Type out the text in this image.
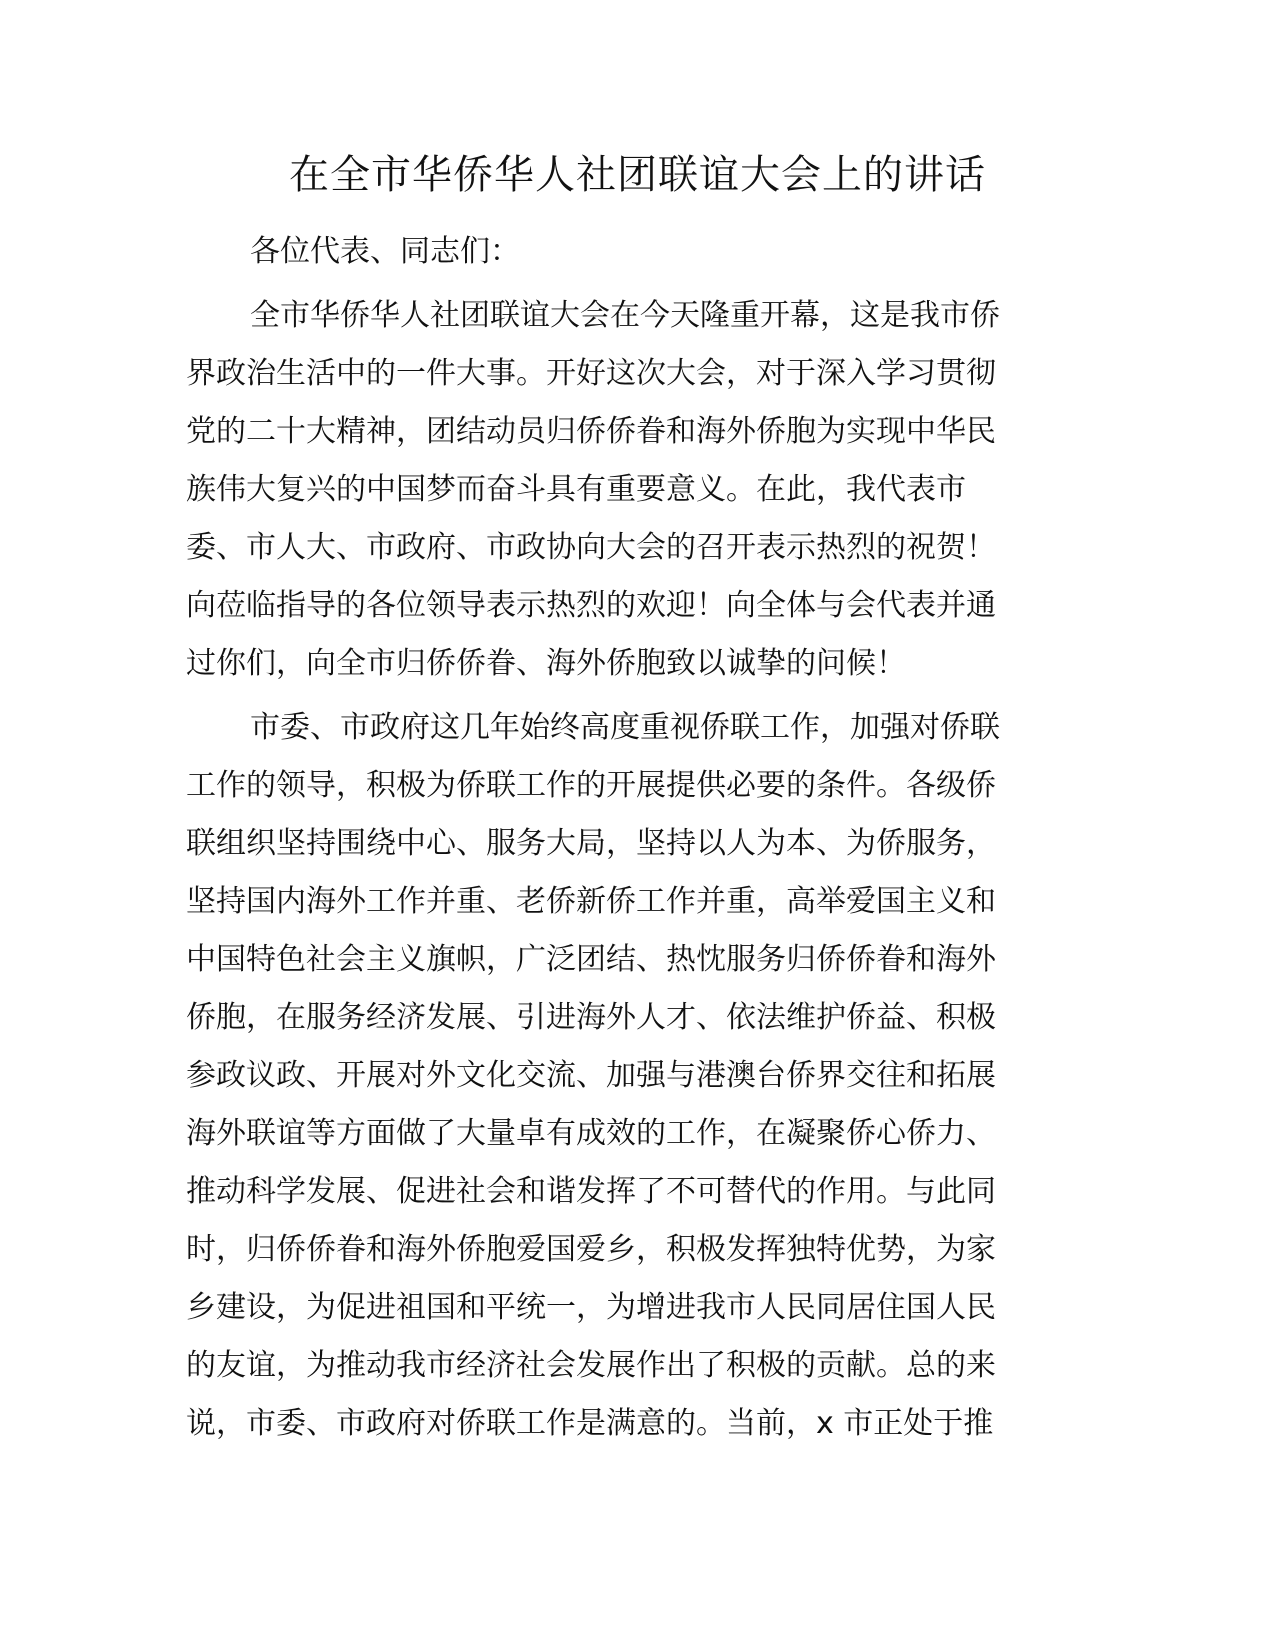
在全市华侨华人社团联谊大会上的讲话
各位代表、同志们：
全市华侨华人社团联谊大会在今天隆重开幕，这是我市侨
界政治生活中的一件大事。开好这次大会，对于深入学习贯彻
党的二十大精神，团结动员归侨侨眷和海外侨胞为实现中华民
族伟大复兴的中国梦而奋斗具有重要意义。在此，我代表市
委、市人大、市政府、市政协向大会的召开表示热烈的祝贺！
向莅临指导的各位领导表示热烈的欢迎！向全体与会代表并通
过你们，向全市归侨侨眷、海外侨胞致以诚挚的问候！
市委、市政府这几年始终高度重视侨联工作，加强对侨联
工作的领导，积极为侨联工作的开展提供必要的条件。各级侨
联组织坚持围绕中心、服务大局，坚持以人为本、为侨服务，
坚持国内海外工作并重、老侨新侨工作并重，高举爱国主义和
中国特色社会主义旗帜，广泛团结、热忱服务归侨侨眷和海外
侨胞，在服务经济发展、引进海外人才、依法维护侨益、积极
参政议政、开展对外文化交流、加强与港澳台侨界交往和拓展
海外联谊等方面做了大量卓有成效的工作，在凝聚侨心侨力、
推动科学发展、促进社会和谐发挥了不可替代的作用。与此同
时，归侨侨眷和海外侨胞爱国爱乡，积极发挥独特优势，为家
乡建设，为促进祖国和平统一，为增进我市人民同居住国人民
的友谊，为推动我市经济社会发展作出了积极的贡献。总的来
说，市委、市政府对侨联工作是满意的。当前，x 市正处于推
